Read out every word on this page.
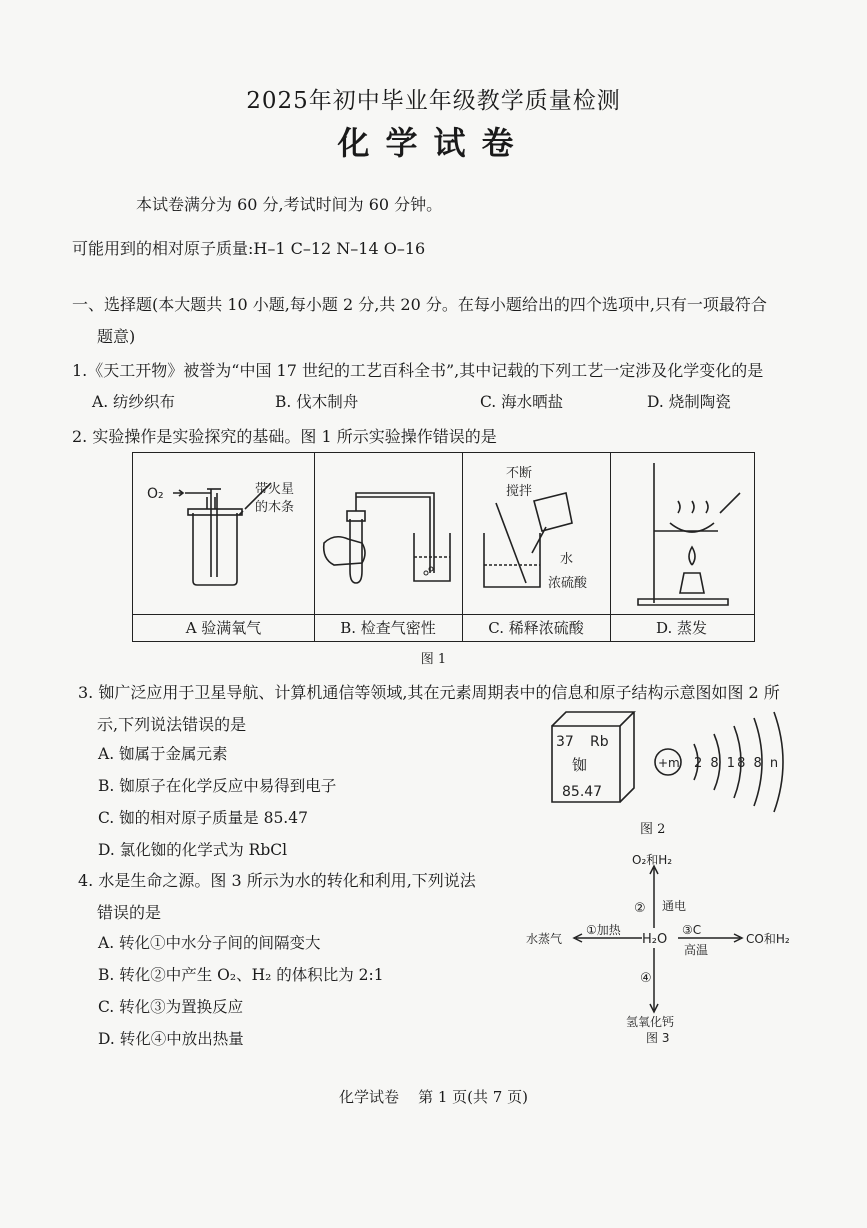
2025年初中毕业年级教学质量检测
化学试卷
本试卷满分为 60 分,考试时间为 60 分钟。
可能用到的相对原子质量:H–1 C–12 N–14 O–16
一、选择题(本大题共 10 小题,每小题 2 分,共 20 分。在每小题给出的四个选项中,只有一项最符合
题意)
1.《天工开物》被誉为“中国 17 世纪的工艺百科全书”,其中记载的下列工艺一定涉及化学变化的是
A. 纺纱织布	B. 伐木制舟	C. 海水晒盐	D. 烧制陶瓷
2. 实验操作是实验探究的基础。图 1 所示实验操作错误的是
A 验满氧气	B. 检查气密性	C. 稀释浓硫酸	D. 蒸发
O₂	带火星
的木条
不断
搅拌
水
浓硫酸
图 1
3. 铷广泛应用于卫星导航、计算机通信等领域,其在元素周期表中的信息和原子结构示意图如图 2 所
示,下列说法错误的是
A. 铷属于金属元素
B. 铷原子在化学反应中易得到电子
C. 铷的相对原子质量是 85.47
D. 氯化铷的化学式为 RbCl
37 Rb
铷
85.47
+m 2 8 18 8 n
图 2
4. 水是生命之源。图 3 所示为水的转化和利用,下列说法
错误的是
A. 转化①中水分子间的间隔变大
B. 转化②中产生 O₂、H₂ 的体积比为 2:1
C. 转化③为置换反应
D. 转化④中放出热量
O₂和H₂
② 通电
水蒸气
①加热
H₂O
③C
高温
CO和H₂
④
氢氧化钙
图 3
化学试卷    第 1 页(共 7 页)
